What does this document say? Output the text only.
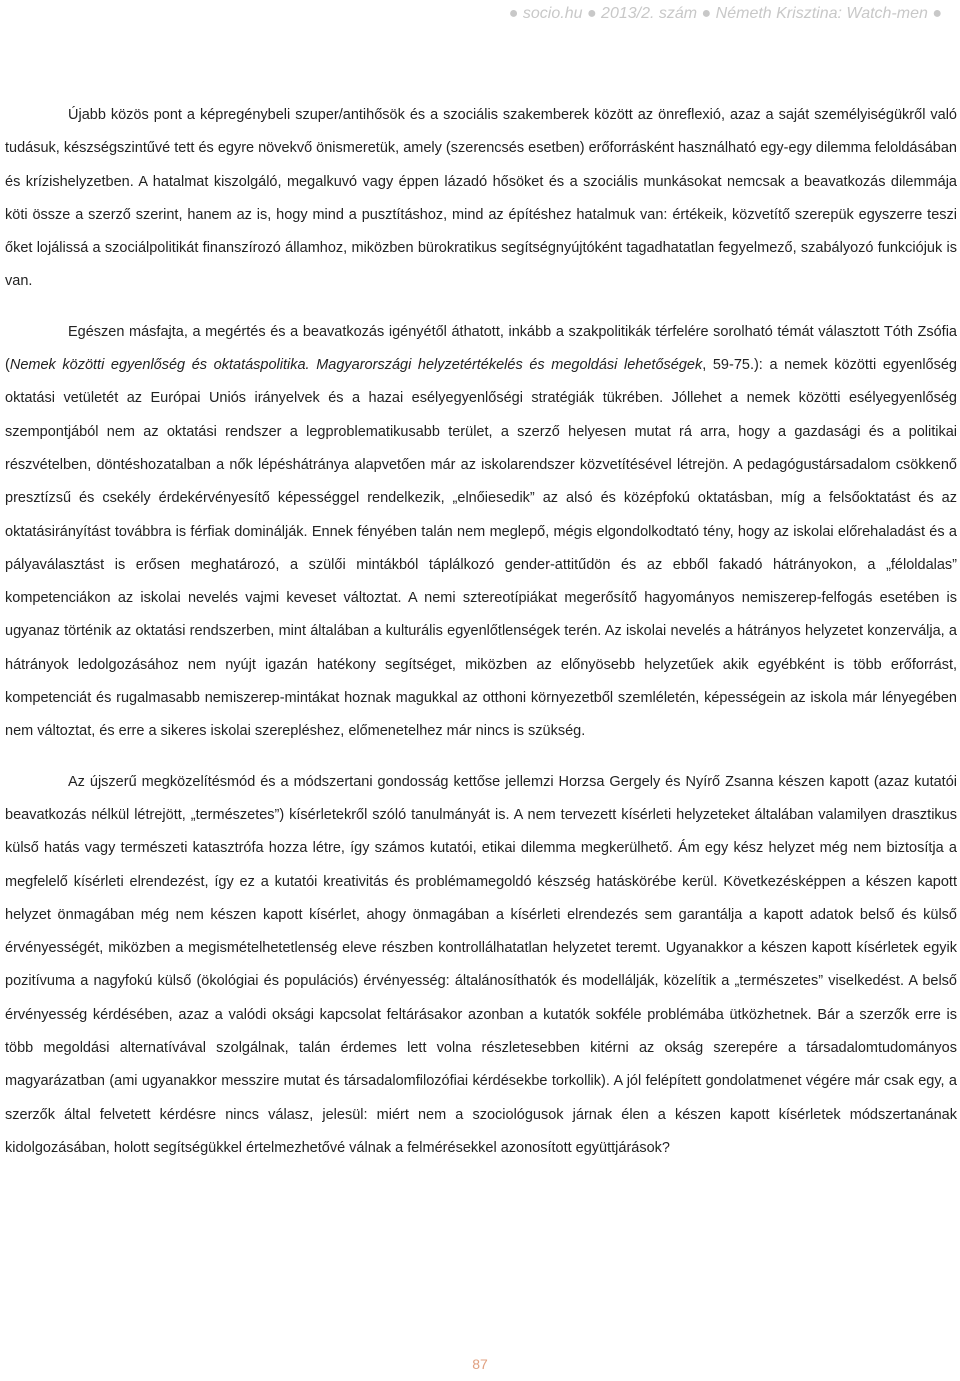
● socio.hu ● 2013/2. szám ● Németh Krisztina: Watch-men ●

Újabb közös pont a képregénybeli szuper/antihősök és a szociális szakemberek között az önreflexió, azaz a saját személyiségükről való tudásuk, készségszintűvé tett és egyre növekvő önismeretük, amely (szerencsés esetben) erőforrásként használható egy-egy dilemma feloldásában és krízishelyzetben. A hatalmat kiszolgáló, megalkuvó vagy éppen lázadó hősöket és a szociális munkásokat nemcsak a beavatkozás dilemmája köti össze a szerző szerint, hanem az is, hogy mind a pusztításhoz, mind az építéshez hatalmuk van: értékeik, közvetítő szerepük egyszerre teszi őket lojálissá a szociálpolitikát finanszírozó államhoz, miközben bürokratikus segítségnyújtóként tagadhatatlan fegyelmező, szabályozó funkciójuk is van.

Egészen másfajta, a megértés és a beavatkozás igényétől áthatott, inkább a szakpolitikák térfelére sorolható témát választott Tóth Zsófia (Nemek közötti egyenlőség és oktatáspolitika. Magyarországi helyzetértékelés és megoldási lehetőségek, 59-75.): a nemek közötti egyenlőség oktatási vetületét az Európai Uniós irányelvek és a hazai esélyegyenlőségi stratégiák tükrében. Jóllehet a nemek közötti esélyegyenlőség szempontjából nem az oktatási rendszer a legproblematikusabb terület, a szerző helyesen mutat rá arra, hogy a gazdasági és a politikai részvételben, döntéshozatalban a nők lépéshátránya alapvetően már az iskolarendszer közvetítésével létrejön. A pedagógustársadalom csökkenő presztízsű és csekély érdekérvényesítő képességgel rendelkezik, „elnőiesedik” az alsó és középfokú oktatásban, míg a felsőoktatást és az oktatásirányítást továbbra is férfiak dominálják. Ennek fényében talán nem meglepő, mégis elgondolkodtató tény, hogy az iskolai előrehaladást és a pályaválasztást is erősen meghatározó, a szülői mintákból táplálkozó gender-attitűdön és az ebből fakadó hátrányokon, a „féloldalas” kompetenciákon az iskolai nevelés vajmi keveset változtat. A nemi sztereotípiákat megerősítő hagyományos nemiszerep-felfogás esetében is ugyanaz történik az oktatási rendszerben, mint általában a kulturális egyenlőtlenségek terén. Az iskolai nevelés a hátrányos helyzetet konzerválja, a hátrányok ledolgozásához nem nyújt igazán hatékony segítséget, miközben az előnyösebb helyzetűek akik egyébként is több erőforrást, kompetenciát és rugalmasabb nemiszerep-mintákat hoznak magukkal az otthoni környezetből szemléletén, képességein az iskola már lényegében nem változtat, és erre a sikeres iskolai szerepléshez, előmenetelhez már nincs is szükség.

Az újszerű megközelítésmód és a módszertani gondosság kettőse jellemzi Horzsa Gergely és Nyírő Zsanna készen kapott (azaz kutatói beavatkozás nélkül létrejött, „természetes”) kísérletekről szóló tanulmányát is. A nem tervezett kísérleti helyzeteket általában valamilyen drasztikus külső hatás vagy természeti katasztrófa hozza létre, így számos kutatói, etikai dilemma megkerülhető. Ám egy kész helyzet még nem biztosítja a megfelelő kísérleti elrendezést, így ez a kutatói kreativitás és problémamegoldó készség hatáskörébe kerül. Következésképpen a készen kapott helyzet önmagában még nem készen kapott kísérlet, ahogy önmagában a kísérleti elrendezés sem garantálja a kapott adatok belső és külső érvényességét, miközben a megismételhetetlenség eleve részben kontrollálhatatlan helyzetet teremt. Ugyanakkor a készen kapott kísérletek egyik pozitívuma a nagyfokú külső (ökológiai és populációs) érvényesség: általánosíthatók és modellálják, közelítik a „természetes” viselkedést. A belső érvényesség kérdésében, azaz a valódi oksági kapcsolat feltárásakor azonban a kutatók sokféle problémába ütközhetnek. Bár a szerzők erre is több megoldási alternatívával szolgálnak, talán érdemes lett volna részletesebben kitérni az okság szerepére a társadalomtudományos magyarázatban (ami ugyanakkor messzire mutat és társadalomfilozófiai kérdésekbe torkollik). A jól felépített gondolatmenet végére már csak egy, a szerzők által felvetett kérdésre nincs válasz, jelesül: miért nem a szociológusok járnak élen a készen kapott kísérletek módszertanának kidolgozásában, holott segítségükkel értelmezhetővé válnak a felmérésekkel azonosított együttjárások?

87
